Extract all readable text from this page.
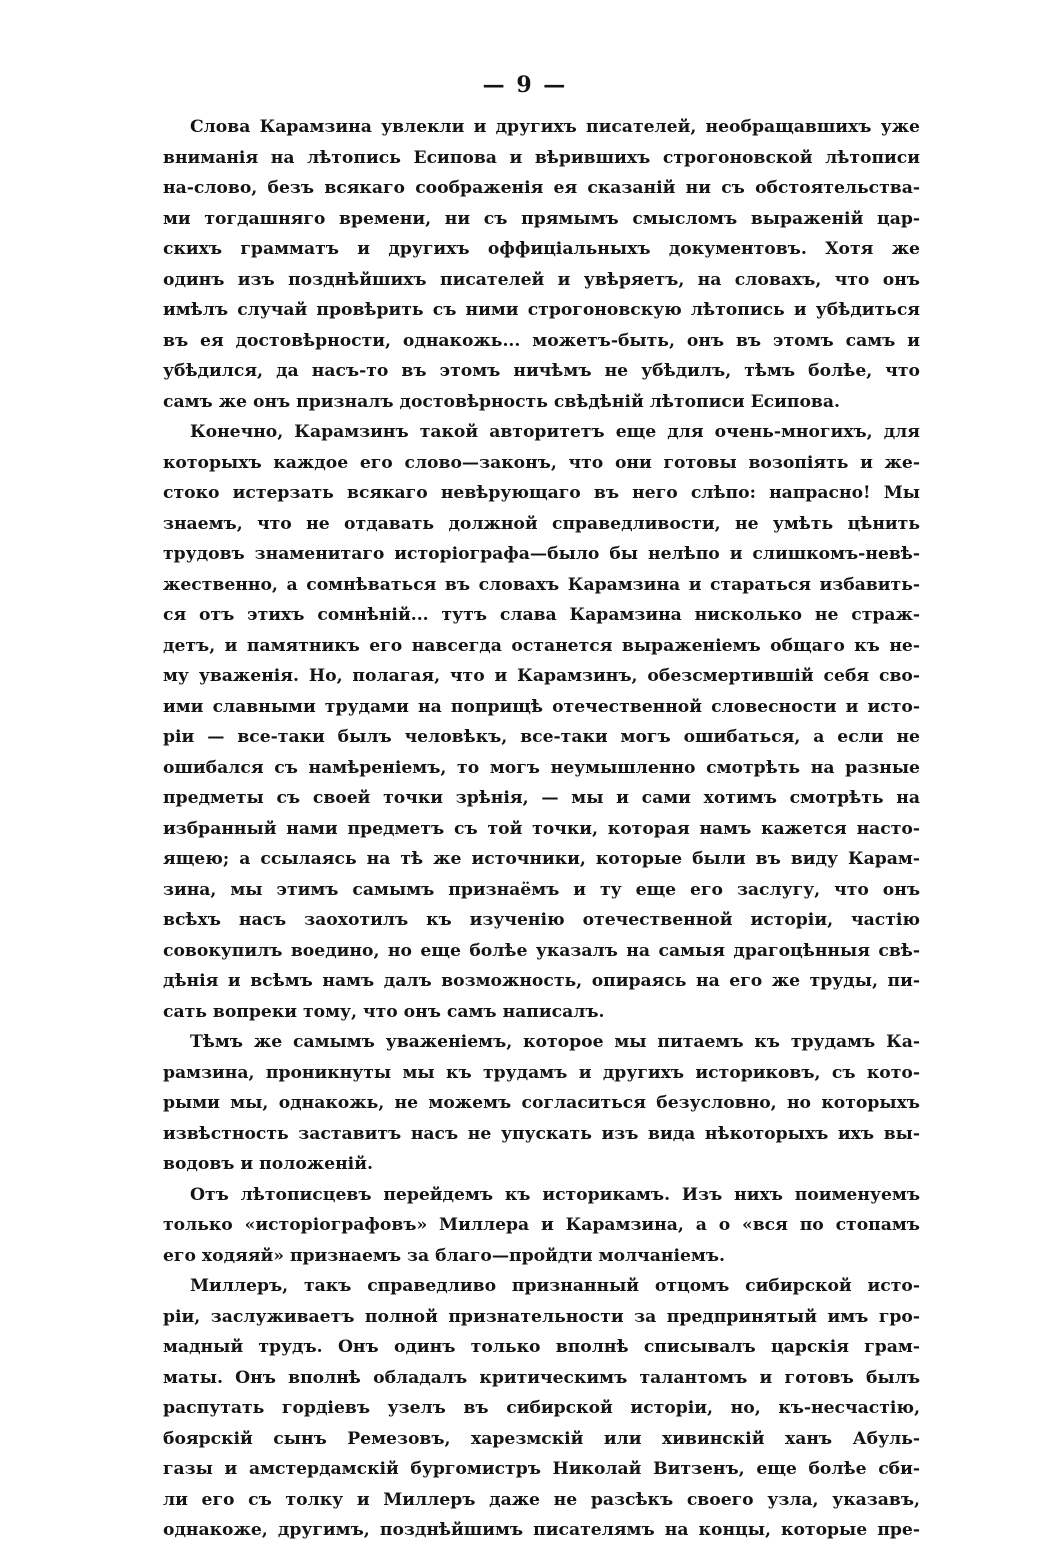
— 9 —
Слова Карамзина увлекли и другихъ писателей, необращавшихъ уже
вниманія на лѣтопись Есипова и вѣрившихъ строгоновской лѣтописи
на-слово, безъ всякаго соображенія ея сказаній ни съ обстоятельства-
ми тогдашняго времени, ни съ прямымъ смысломъ выраженій цар-
скихъ грамматъ и другихъ оффиціальныхъ документовъ. Хотя же
одинъ изъ позднѣйшихъ писателей и увѣряетъ, на словахъ, что онъ
имѣлъ случай провѣрить съ ними строгоновскую лѣтопись и убѣдиться
въ ея достовѣрности, однакожь... можетъ-быть, онъ въ этомъ самъ и
убѣдился, да насъ-то въ этомъ ничѣмъ не убѣдилъ, тѣмъ болѣе, что
самъ же онъ призналъ достовѣрность свѣдѣній лѣтописи Есипова.
Конечно, Карамзинъ такой авторитетъ еще для очень-многихъ, для
которыхъ каждое его слово—законъ, что они готовы возопіять и же-
стоко истерзать всякаго невѣрующаго въ него слѣпо: напрасно! Мы
знаемъ, что не отдавать должной справедливости, не умѣть цѣнить
трудовъ знаменитаго исторіографа—было бы нелѣпо и слишкомъ-невѣ-
жественно, а сомнѣваться въ словахъ Карамзина и стараться избавить-
ся отъ этихъ сомнѣній... тутъ слава Карамзина нисколько не страж-
детъ, и памятникъ его навсегда останется выраженіемъ общаго къ не-
му уваженія. Но, полагая, что и Карамзинъ, обезсмертившій себя сво-
ими славными трудами на поприщѣ отечественной словесности и исто-
ріи — все-таки былъ человѣкъ, все-таки могъ ошибаться, а если не
ошибался съ намѣреніемъ, то могъ неумышленно смотрѣть на разные
предметы съ своей точки зрѣнія, — мы и сами хотимъ смотрѣть на
избранный нами предметъ съ той точки, которая намъ кажется насто-
ящею; а ссылаясь на тѣ же источники, которые были въ виду Карам-
зина, мы этимъ самымъ признаёмъ и ту еще его заслугу, что онъ
всѣхъ насъ заохотилъ къ изученію отечественной исторіи, частію
совокупилъ воедино, но еще болѣе указалъ на самыя драгоцѣнныя свѣ-
дѣнія и всѣмъ намъ далъ возможность, опираясь на его же труды, пи-
сать вопреки тому, что онъ самъ написалъ.
Тѣмъ же самымъ уваженіемъ, которое мы питаемъ къ трудамъ Ка-
рамзина, проникнуты мы къ трудамъ и другихъ историковъ, съ кото-
рыми мы, однакожь, не можемъ согласиться безусловно, но которыхъ
извѣстность заставитъ насъ не упускать изъ вида нѣкоторыхъ ихъ вы-
водовъ и положеній.
Отъ лѣтописцевъ перейдемъ къ историкамъ. Изъ нихъ поименуемъ
только «исторіографовъ» Миллера и Карамзина, а о «вся по стопамъ
его ходяяй» признаемъ за благо—пройдти молчаніемъ.
Миллеръ, такъ справедливо признанный отцомъ сибирской исто-
ріи, заслуживаетъ полной признательности за предпринятый имъ гро-
мадный трудъ. Онъ одинъ только вполнѣ списывалъ царскія грам-
маты. Онъ вполнѣ обладалъ критическимъ талантомъ и готовъ былъ
распутать гордіевъ узелъ въ сибирской исторіи, но, къ-несчастію,
боярскій сынъ Ремезовъ, харезмскій или хивинскій ханъ Абуль-
газы и амстердамскій бургомистръ Николай Витзенъ, еще болѣе сби-
ли его съ толку и Миллеръ даже не разсѣкъ своего узла, указавъ,
однакоже, другимъ, позднѣйшимъ писателямъ на концы, которые пре-
